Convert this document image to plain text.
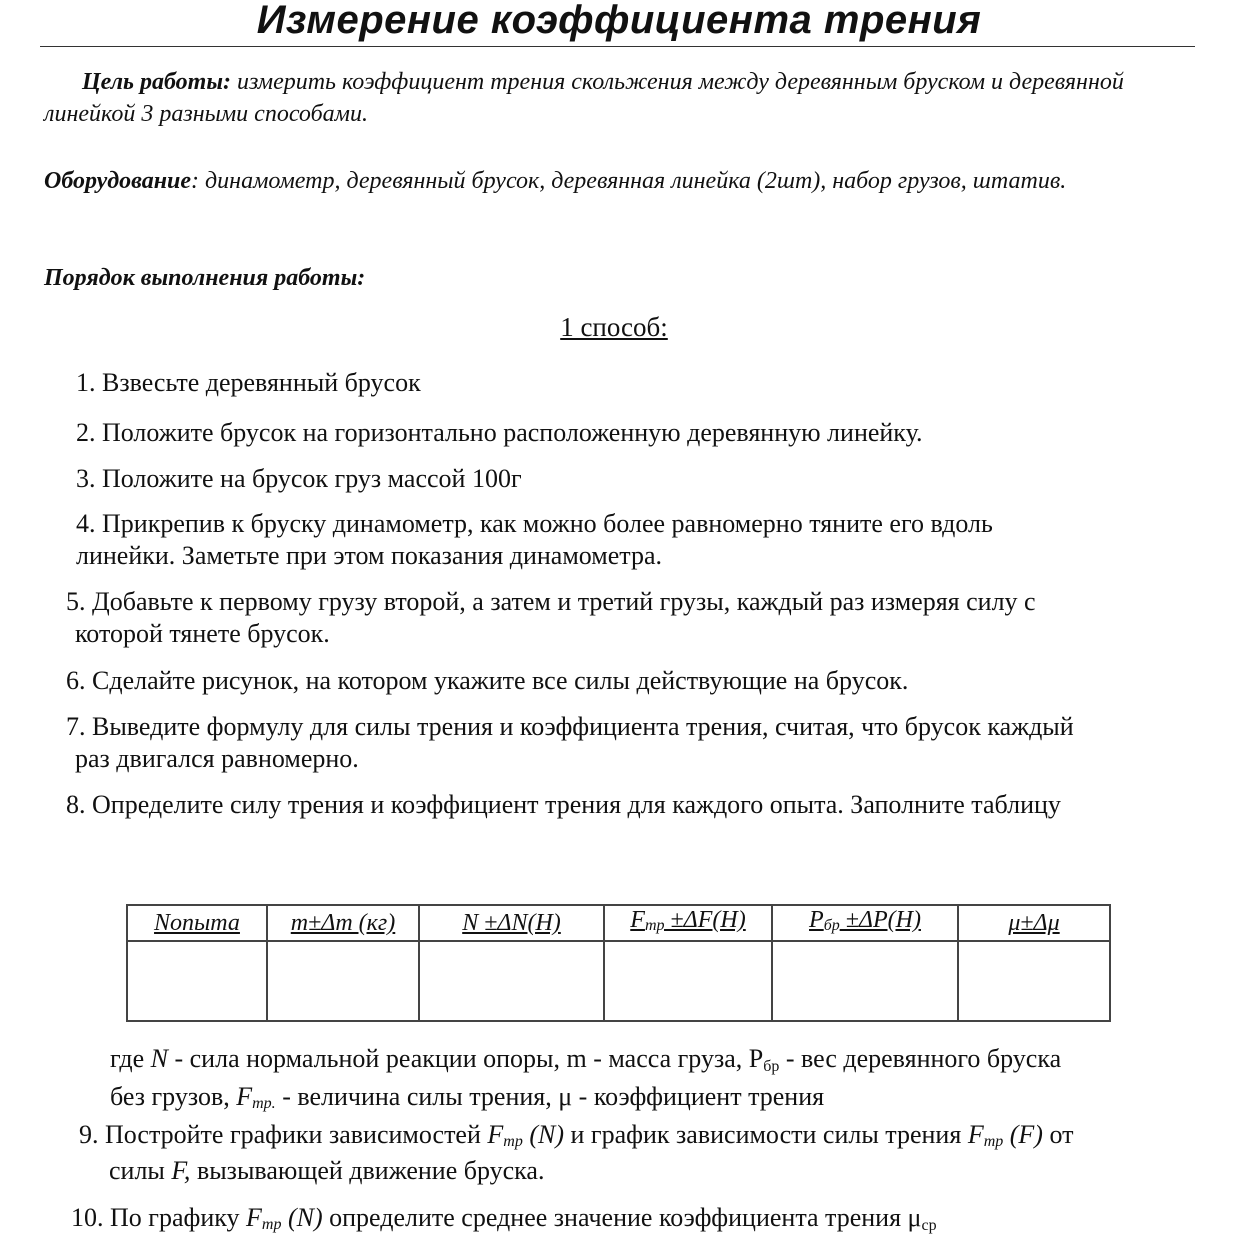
Измерение коэффициента трения
Цель работы: измерить коэффициент трения скольжения между деревянным бруском и деревянной линейкой 3 разными способами.
Оборудование: динамометр, деревянный брусок, деревянная линейка (2шт), набор грузов, штатив.
Порядок выполнения работы:
1 способ:
1. Взвесьте деревянный брусок
2. Положите брусок на горизонтально расположенную деревянную линейку.
3. Положите на брусок груз массой 100г
4. Прикрепив к бруску динамометр, как можно более равномерно тяните его вдоль
линейки. Заметьте при этом показания динамометра.
5. Добавьте к первому грузу второй, а затем и третий грузы, каждый раз измеряя силу с
которой тянете брусок.
6. Сделайте рисунок, на котором укажите все силы действующие на брусок.
7. Выведите формулу для силы трения и коэффициента трения, считая, что брусок каждый
раз двигался равномерно.
8. Определите силу трения и коэффициент трения для каждого опыта. Заполните таблицу
Nопыта	m±Δm (кг)	N ±ΔN(Н)	Fтр ±ΔF(Н)	Pбр ±ΔP(Н)	μ±Δμ

где N - сила нормальной реакции опоры, m - масса груза, Рбр - вес деревянного бруска
без грузов, Fтр. - величина силы трения, μ - коэффициент трения
9. Постройте графики зависимостей Fтр (N) и график зависимости силы трения Fтр (F) от
силы F, вызывающей движение бруска.
10. По графику Fтр (N) определите среднее значение коэффициента трения μср
